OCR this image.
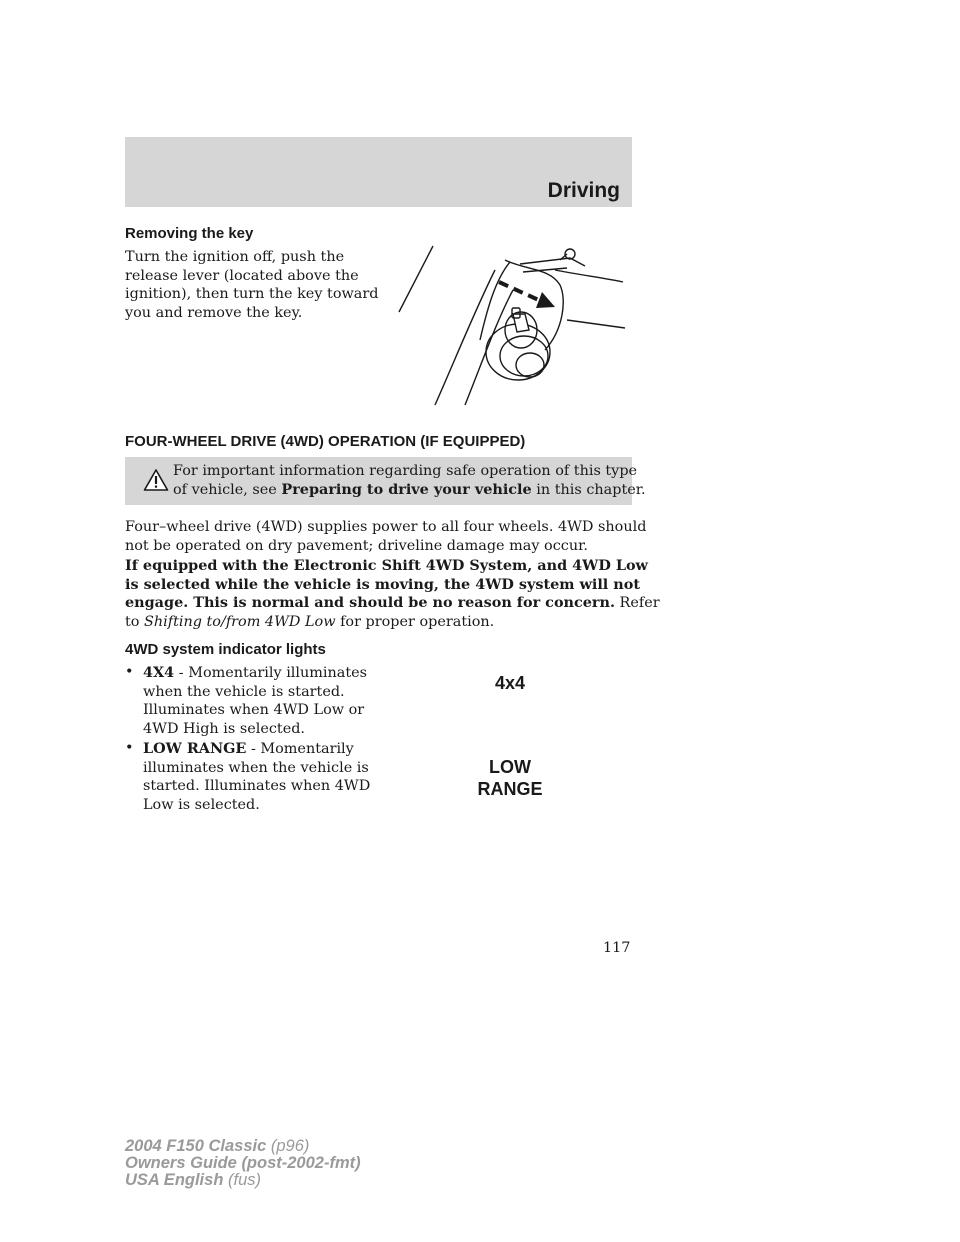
Driving
Removing the key
Turn the ignition off, push the
release lever (located above the
ignition), then turn the key toward
you and remove the key.
FOUR-WHEEL DRIVE (4WD) OPERATION (IF EQUIPPED)
For important information regarding safe operation of this type
of vehicle, see Preparing to drive your vehicle in this chapter.
Four–wheel drive (4WD) supplies power to all four wheels. 4WD should
not be operated on dry pavement; driveline damage may occur.
If equipped with the Electronic Shift 4WD System, and 4WD Low
is selected while the vehicle is moving, the 4WD system will not
engage. This is normal and should be no reason for concern. Refer
to Shifting to/from 4WD Low for proper operation.
4WD system indicator lights
• 4X4 - Momentarily illuminates
when the vehicle is started.
Illuminates when 4WD Low or
4WD High is selected.
• LOW RANGE - Momentarily
illuminates when the vehicle is
started. Illuminates when 4WD
Low is selected.
4x4
LOW
RANGE
117
2004 F150 Classic (p96)
Owners Guide (post-2002-fmt)
USA English (fus)
